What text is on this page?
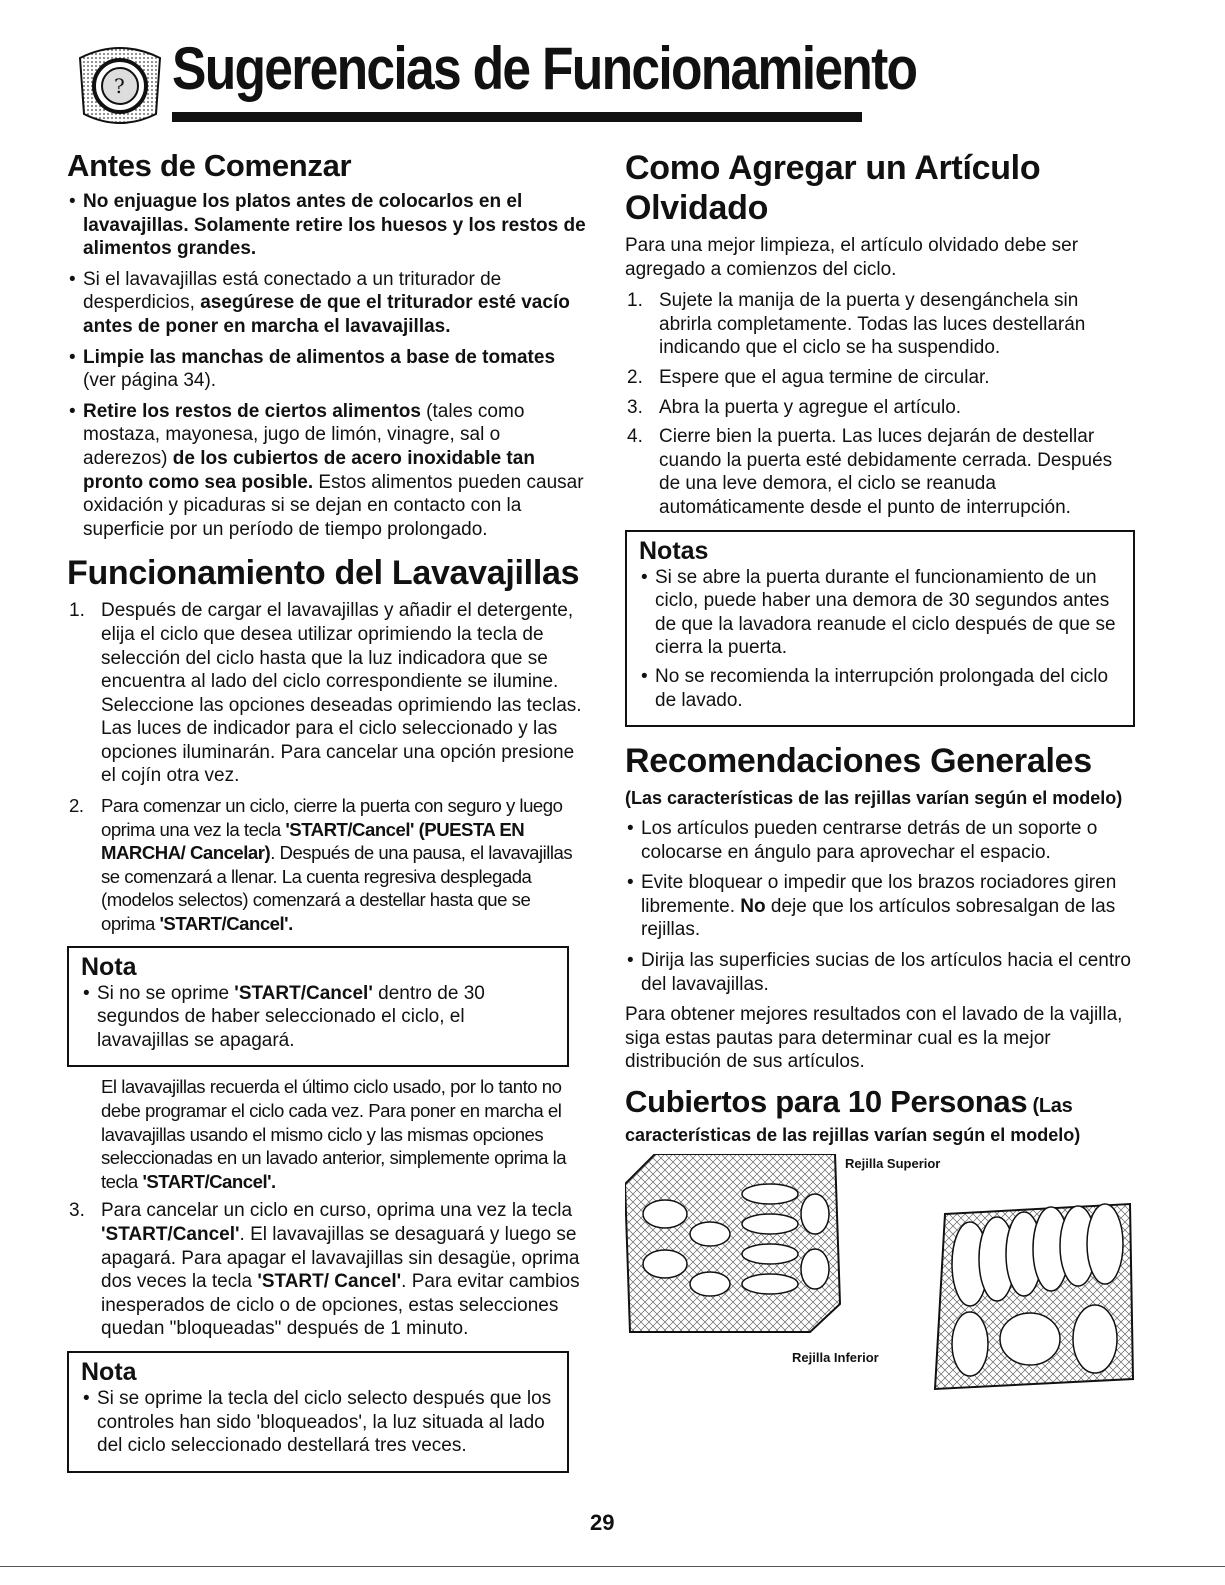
? Sugerencias de Funcionamiento
Antes de Comenzar
• No enjuague los platos antes de colocarlos en el lavavajillas. Solamente retire los huesos y los restos de alimentos grandes.
• Si el lavavajillas está conectado a un triturador de desperdicios, asegúrese de que el triturador esté vacío antes de poner en marcha el lavavajillas.
• Limpie las manchas de alimentos a base de tomates (ver página 34).
• Retire los restos de ciertos alimentos (tales como mostaza, mayonesa, jugo de limón, vinagre, sal o aderezos) de los cubiertos de acero inoxidable tan pronto como sea posible. Estos alimentos pueden causar oxidación y picaduras si se dejan en contacto con la superficie por un período de tiempo prolongado.
Funcionamiento del Lavavajillas
1. Después de cargar el lavavajillas y añadir el detergente, elija el ciclo que desea utilizar oprimiendo la tecla de selección del ciclo hasta que la luz indicadora que se encuentra al lado del ciclo correspondiente se ilumine. Seleccione las opciones deseadas oprimiendo las teclas. Las luces de indicador para el ciclo seleccionado y las opciones iluminarán. Para cancelar una opción presione el cojín otra vez.
2. Para comenzar un ciclo, cierre la puerta con seguro y luego oprima una vez la tecla 'START/Cancel' (PUESTA EN MARCHA/ Cancelar). Después de una pausa, el lavavajillas se comenzará a llenar. La cuenta regresiva desplegada (modelos selectos) comenzará a destellar hasta que se oprima 'START/Cancel'.
Nota
• Si no se oprime 'START/Cancel' dentro de 30 segundos de haber seleccionado el ciclo, el lavavajillas se apagará.

El lavavajillas recuerda el último ciclo usado, por lo tanto no debe programar el ciclo cada vez. Para poner en marcha el lavavajillas usando el mismo ciclo y las mismas opciones seleccionadas en un lavado anterior, simplemente oprima la tecla 'START/Cancel'.

3. Para cancelar un ciclo en curso, oprima una vez la tecla 'START/Cancel'. El lavavajillas se desaguará y luego se apagará. Para apagar el lavavajillas sin desagüe, oprima dos veces la tecla 'START/ Cancel'. Para evitar cambios inesperados de ciclo o de opciones, estas selecciones quedan "bloqueadas" después de 1 minuto.
Nota
• Si se oprime la tecla del ciclo selecto después que los controles han sido 'bloqueados', la luz situada al lado del ciclo seleccionado destellará tres veces.
Como Agregar un Artículo Olvidado

Para una mejor limpieza, el artículo olvidado debe ser agregado a comienzos del ciclo.

1. Sujete la manija de la puerta y desengánchela sin abrirla completamente. Todas las luces destellarán indicando que el ciclo se ha suspendido.
2. Espere que el agua termine de circular.
3. Abra la puerta y agregue el artículo.
4. Cierre bien la puerta. Las luces dejarán de destellar cuando la puerta esté debidamente cerrada. Después de una leve demora, el ciclo se reanuda automáticamente desde el punto de interrupción.
Notas
• Si se abre la puerta durante el funcionamiento de un ciclo, puede haber una demora de 30 segundos antes de que la lavadora reanude el ciclo después de que se cierra la puerta.
• No se recomienda la interrupción prolongada del ciclo de lavado.
Recomendaciones Generales
(Las características de las rejillas varían según el modelo)
• Los artículos pueden centrarse detrás de un soporte o colocarse en ángulo para aprovechar el espacio.
• Evite bloquear o impedir que los brazos rociadores giren libremente. No deje que los artículos sobresalgan de las rejillas.
• Dirija las superficies sucias de los artículos hacia el centro del lavavajillas.

Para obtener mejores resultados con el lavado de la vajilla, siga estas pautas para determinar cual es la mejor distribución de sus artículos.

Cubiertos para 10 Personas (Las
características de las rejillas varían según el modelo)
Rejilla Superior
Rejilla Inferior
29
